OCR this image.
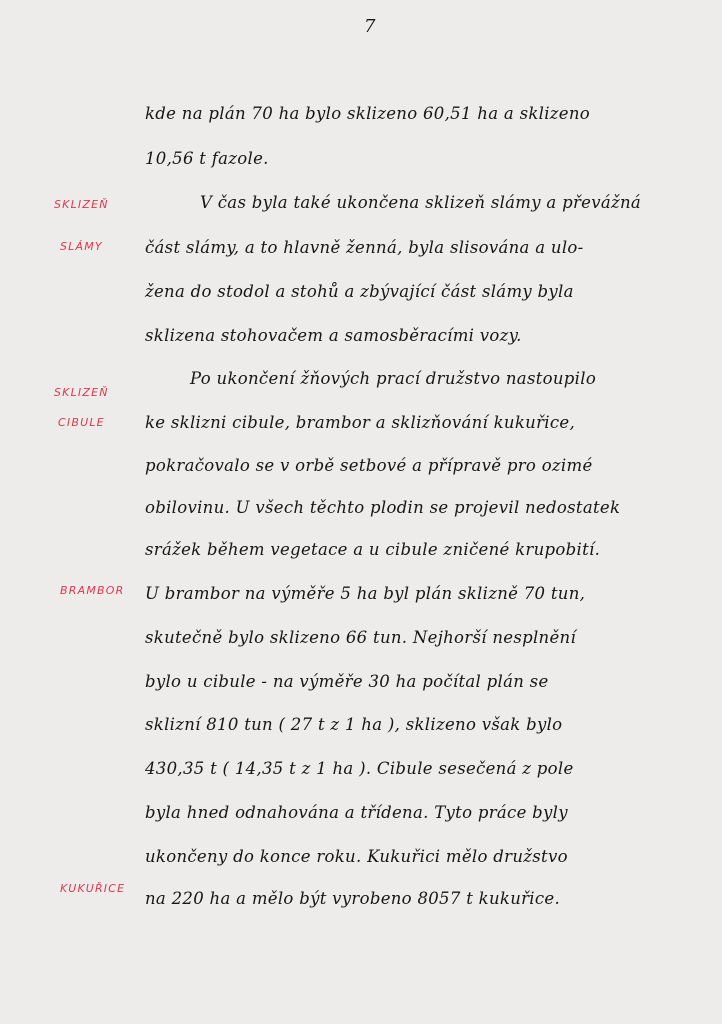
7
SKLIZEŇ
SLÁMY
SKLIZEŇ
CIBULE
BRAMBOR
KUKUŘICE
kde na plán 70 ha bylo sklizeno 60,51 ha a sklizeno
10,56 t fazole.
V čas byla také ukončena sklizeň slámy a převážná
část slámy, a to hlavně ženná, byla slisována a ulo-
žena do stodol a stohů a zbývající část slámy byla
sklizena stohovačem a samosběracími vozy.
Po ukončení žňových prací družstvo nastoupilo
ke sklizni cibule, brambor a sklizňování kukuřice,
pokračovalo se v orbě setbové a přípravě pro ozimé
obilovinu. U všech těchto plodin se projevil nedostatek
srážek během vegetace a u cibule zničené krupobití.
U brambor na výměře 5 ha byl plán sklizně 70 tun,
skutečně bylo sklizeno 66 tun. Nejhorší nesplnění
bylo u cibule - na výměře 30 ha počítal plán se
sklizní 810 tun ( 27 t z 1 ha ), sklizeno však bylo
430,35 t ( 14,35 t z 1 ha ). Cibule sesečená z pole
byla hned odnahována a třídena. Tyto práce byly
ukončeny do konce roku. Kukuřici mělo družstvo
na 220 ha a mělo být vyrobeno 8057 t kukuřice.
